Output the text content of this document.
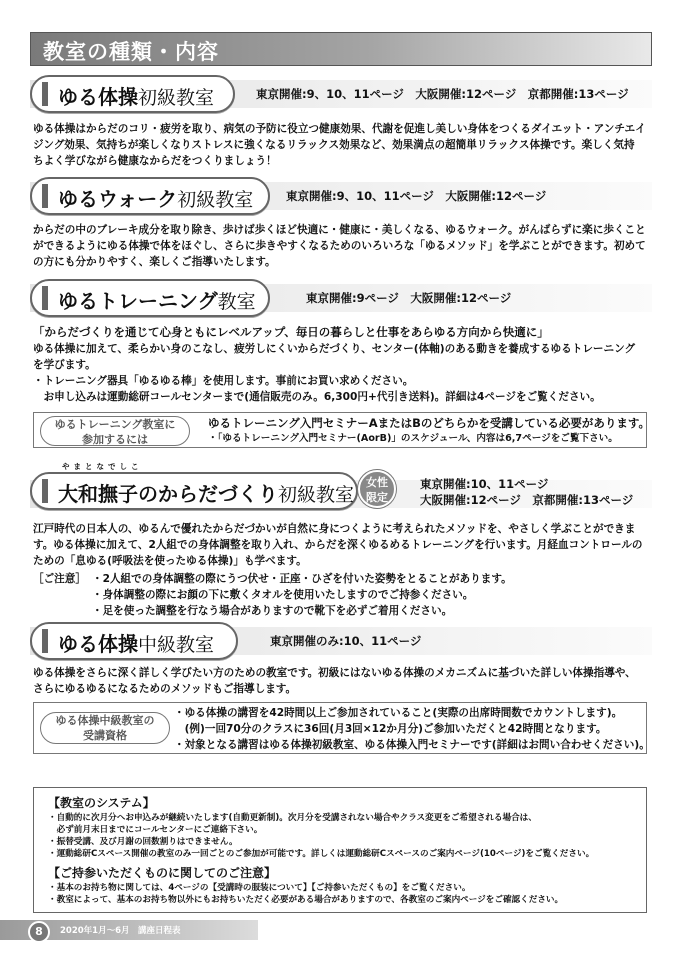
教室の種類・内容
ゆる体操初級教室	東京開催:9、10、11ページ　大阪開催:12ページ　京都開催:13ページ
ゆる体操はからだのコリ・疲労を取り、病気の予防に役立つ健康効果、代謝を促進し美しい身体をつくるダイエット・アンチエイ
ジング効果、気持ちが楽しくなりストレスに強くなるリラックス効果など、効果満点の超簡単リラックス体操です。楽しく気持
ちよく学びながら健康なからだをつくりましょう！
ゆるウォーク初級教室	東京開催:9、10、11ページ　大阪開催:12ページ
からだの中のブレーキ成分を取り除き、歩けば歩くほど快適に・健康に・美しくなる、ゆるウォーク。がんばらずに楽に歩くこと
ができるようにゆる体操で体をほぐし、さらに歩きやすくなるためのいろいろな「ゆるメソッド」を学ぶことができます。初めて
の方にも分かりやすく、楽しくご指導いたします。
ゆるトレーニング教室	東京開催:9ページ　大阪開催:12ページ
「からだづくりを通じて心身ともにレベルアップ、毎日の暮らしと仕事をあらゆる方向から快適に」
ゆる体操に加えて、柔らかい身のこなし、疲労しにくいからだづくり、センター(体軸)のある動きを養成するゆるトレーニング
を学びます。
・トレーニング器具「ゆるゆる棒」を使用します。事前にお買い求めください。
　お申し込みは運動総研コールセンターまで(通信販売のみ。6,300円+代引き送料)。詳細は4ページをご覧ください。
ゆるトレーニング教室に
参加するには
ゆるトレーニング入門セミナーAまたはBのどちらかを受講している必要があります。
・「ゆるトレーニング入門セミナー(AorB)」のスケジュール、内容は6,7ページをご覧下さい。
やまとなでしこ
大和撫子のからだづくり初級教室
女性
限定
東京開催:10、11ページ
大阪開催:12ページ　京都開催:13ページ
江戸時代の日本人の、ゆるんで優れたからだづかいが自然に身につくように考えられたメソッドを、やさしく学ぶことができま
す。ゆる体操に加えて、2人組での身体調整を取り入れ、からだを深くゆるめるトレーニングを行います。月経血コントロールの
ための「息ゆる(呼吸法を使ったゆる体操)」も学べます。
［ご注意］ ・2人組での身体調整の際にうつ伏せ・正座・ひざを付いた姿勢をとることがあります。
・身体調整の際にお顔の下に敷くタオルを使用いたしますのでご持参ください。
・足を使った調整を行なう場合がありますので靴下を必ずご着用ください。
ゆる体操中級教室	東京開催のみ:10、11ページ
ゆる体操をさらに深く詳しく学びたい方のための教室です。初級にはないゆる体操のメカニズムに基づいた詳しい体操指導や、
さらにゆるゆるになるためのメソッドもご指導します。
ゆる体操中級教室の
受講資格
・ゆる体操の講習を42時間以上ご参加されていること(実際の出席時間数でカウントします)。
　(例)一回70分のクラスに36回(月3回×12か月分)ご参加いただくと42時間となります。
・対象となる講習はゆる体操初級教室、ゆる体操入門セミナーです(詳細はお問い合わせください)。
【教室のシステム】
・自動的に次月分へお申込みが継続いたします(自動更新制)。次月分を受講されない場合やクラス変更をご希望される場合は、
　必ず前月末日までにコールセンターにご連絡下さい。
・振替受講、及び月謝の回数割りはできません。
・運動総研Cスペース開催の教室のみ一回ごとのご参加が可能です。詳しくは運動総研Cスペースのご案内ページ(10ページ)をご覧ください。
【ご持参いただくものに関してのご注意】
・基本のお持ち物に関しては、4ページの【受講時の服装について】【ご持参いただくもの】をご覧ください。
・教室によって、基本のお持ち物以外にもお持ちいただく必要がある場合がありますので、各教室のご案内ページをご確認ください。
8	2020年1月〜6月　講座日程表
